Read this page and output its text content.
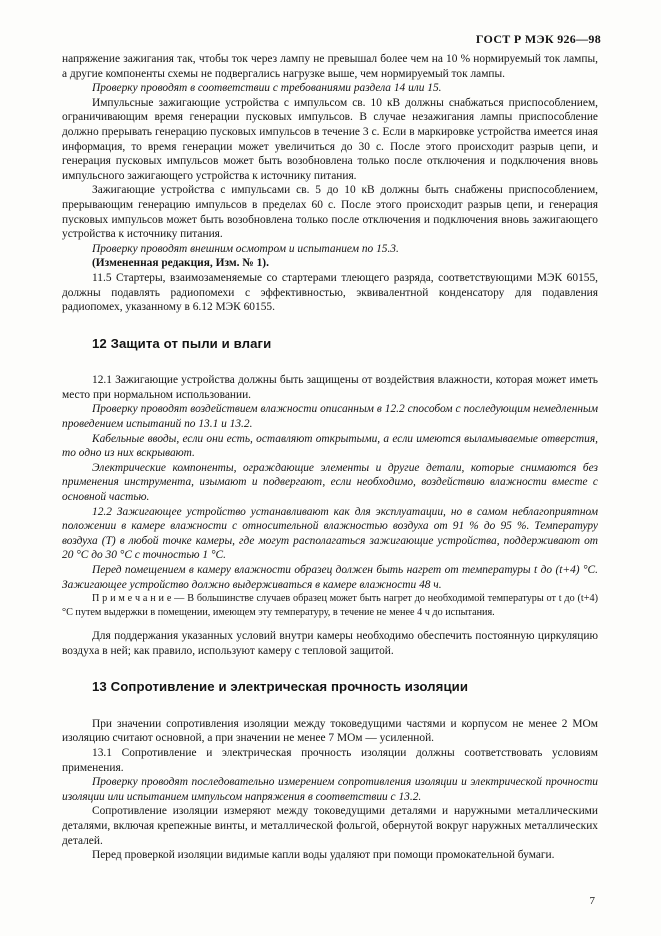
ГОСТ Р МЭК 926—98

напряжение зажигания так, чтобы ток через лампу не превышал более чем на 10 % нормируемый ток лампы, а другие компоненты схемы не подвергались нагрузке выше, чем нормируемый ток лампы.

Проверку проводят в соответствии с требованиями раздела 14 или 15.

Импульсные зажигающие устройства с импульсом св. 10 кВ должны снабжаться приспособлением, ограничивающим время генерации пусковых импульсов. В случае незажигания лампы приспособление должно прерывать генерацию пусковых импульсов в течение 3 с. Если в маркировке устройства имеется иная информация, то время генерации может увеличиться до 30 с. После этого происходит разрыв цепи, и генерация пусковых импульсов может быть возобновлена только после отключения и подключения вновь импульсного зажигающего устройства к источнику питания.

Зажигающие устройства с импульсами св. 5 до 10 кВ должны быть снабжены приспособлением, прерывающим генерацию импульсов в пределах 60 с. После этого происходит разрыв цепи, и генерация пусковых импульсов может быть возобновлена только после отключения и подключения вновь зажигающего устройства к источнику питания.

Проверку проводят внешним осмотром и испытанием по 15.3.

(Измененная редакция, Изм. № 1).

11.5 Стартеры, взаимозаменяемые со стартерами тлеющего разряда, соответствующими МЭК 60155, должны подавлять радиопомехи с эффективностью, эквивалентной конденсатору для подавления радиопомех, указанному в 6.12 МЭК 60155.

12 Защита от пыли и влаги

12.1 Зажигающие устройства должны быть защищены от воздействия влажности, которая может иметь место при нормальном использовании.

Проверку проводят воздействием влажности описанным в 12.2 способом с последующим немедленным проведением испытаний по 13.1 и 13.2.

Кабельные вводы, если они есть, оставляют открытыми, а если имеются выламываемые отверстия, то одно из них вскрывают.

Электрические компоненты, ограждающие элементы и другие детали, которые снимаются без применения инструмента, изымают и подвергают, если необходимо, воздействию влажности вместе с основной частью.

12.2 Зажигающее устройство устанавливают как для эксплуатации, но в самом неблагоприятном положении в камере влажности с относительной влажностью воздуха от 91 % до 95 %. Температуру воздуха (Т) в любой точке камеры, где могут располагаться зажигающие устройства, поддерживают от 20 °С до 30 °С с точностью 1 °С.

Перед помещением в камеру влажности образец должен быть нагрет от температуры t до (t+4) °С. Зажигающее устройство должно выдерживаться в камере влажности 48 ч.

П р и м е ч а н и е — В большинстве случаев образец может быть нагрет до необходимой температуры от t до (t+4) °С путем выдержки в помещении, имеющем эту температуру, в течение не менее 4 ч до испытания.

Для поддержания указанных условий внутри камеры необходимо обеспечить постоянную циркуляцию воздуха в ней; как правило, используют камеру с тепловой защитой.

13 Сопротивление и электрическая прочность изоляции

При значении сопротивления изоляции между токоведущими частями и корпусом не менее 2 МОм изоляцию считают основной, а при значении не менее 7 МОм — усиленной.

13.1 Сопротивление и электрическая прочность изоляции должны соответствовать условиям применения.

Проверку проводят последовательно измерением сопротивления изоляции и электрической прочности изоляции или испытанием импульсом напряжения в соответствии с 13.2.

Сопротивление изоляции измеряют между токоведущими деталями и наружными металлическими деталями, включая крепежные винты, и металлической фольгой, обернутой вокруг наружных металлических деталей.

Перед проверкой изоляции видимые капли воды удаляют при помощи промокательной бумаги.

7
